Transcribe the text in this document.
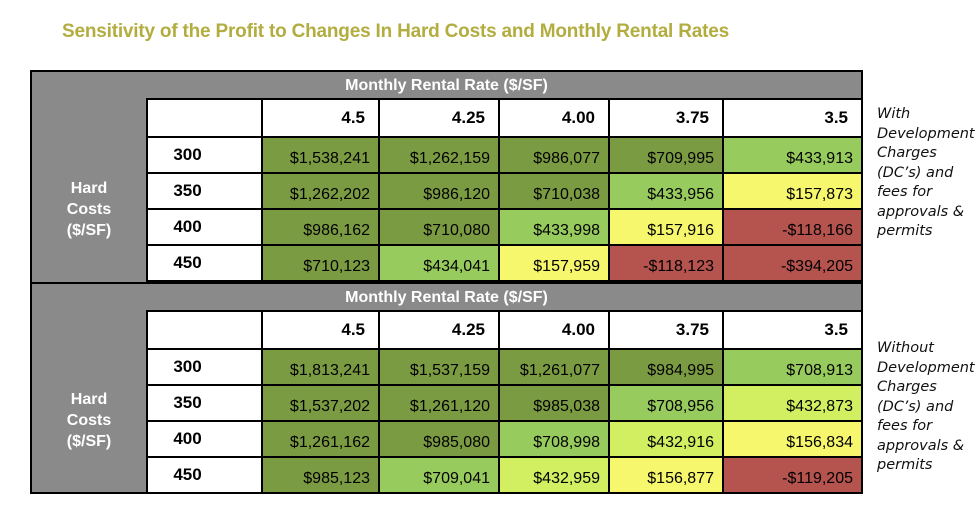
Sensitivity of the Profit to Changes In Hard Costs and Monthly Rental Rates
Monthly Rental Rate ($/SF)
Hard
Costs
($/SF)
4.5	4.25	4.00	3.75	3.5
300	$1,538,241	$1,262,159	$986,077	$709,995	$433,913
350	$1,262,202	$986,120	$710,038	$433,956	$157,873
400	$986,162	$710,080	$433,998	$157,916	-$118,166
450	$710,123	$434,041	$157,959	-$118,123	-$394,205
Monthly Rental Rate ($/SF)
Hard
Costs
($/SF)
4.5	4.25	4.00	3.75	3.5
300	$1,813,241	$1,537,159	$1,261,077	$984,995	$708,913
350	$1,537,202	$1,261,120	$985,038	$708,956	$432,873
400	$1,261,162	$985,080	$708,998	$432,916	$156,834
450	$985,123	$709,041	$432,959	$156,877	-$119,205
With
Development
Charges
(DC’s) and
fees for
approvals &
permits
Without
Development
Charges
(DC’s) and
fees for
approvals &
permits
